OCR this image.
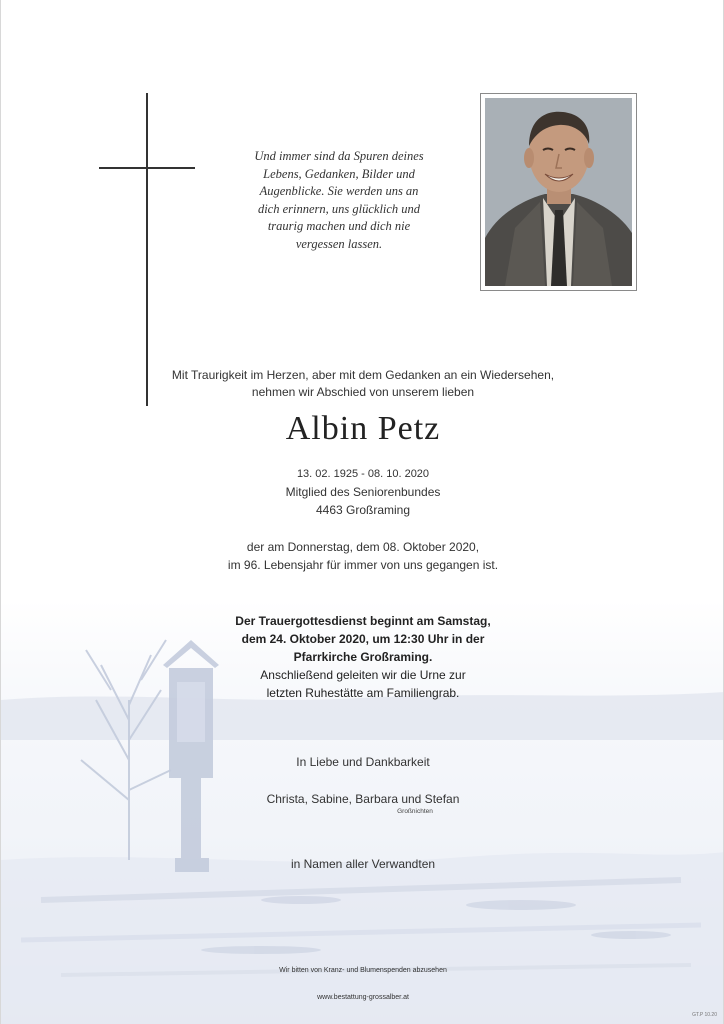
Und immer sind da Spuren deines
Lebens, Gedanken, Bilder und
Augenblicke. Sie werden uns an
dich erinnern, uns glücklich und
traurig machen und dich nie
vergessen lassen.
Mit Traurigkeit im Herzen, aber mit dem Gedanken an ein Wiedersehen,
nehmen wir Abschied von unserem lieben
Albin Petz
13. 02. 1925 - 08. 10. 2020
Mitglied des Seniorenbundes
4463 Großraming
der am Donnerstag, dem 08. Oktober 2020,
im 96. Lebensjahr für immer von uns gegangen ist.
Der Trauergottesdienst beginnt am Samstag,
dem 24. Oktober 2020, um 12:30 Uhr in der
Pfarrkirche Großraming.
Anschließend geleiten wir die Urne zur
letzten Ruhestätte am Familiengrab.
In Liebe und Dankbarkeit
Christa, Sabine, Barbara und Stefan
Großnichten
in Namen aller Verwandten
Wir bitten von Kranz- und Blumenspenden abzusehen
www.bestattung-grossalber.at
GT.P 10.20
